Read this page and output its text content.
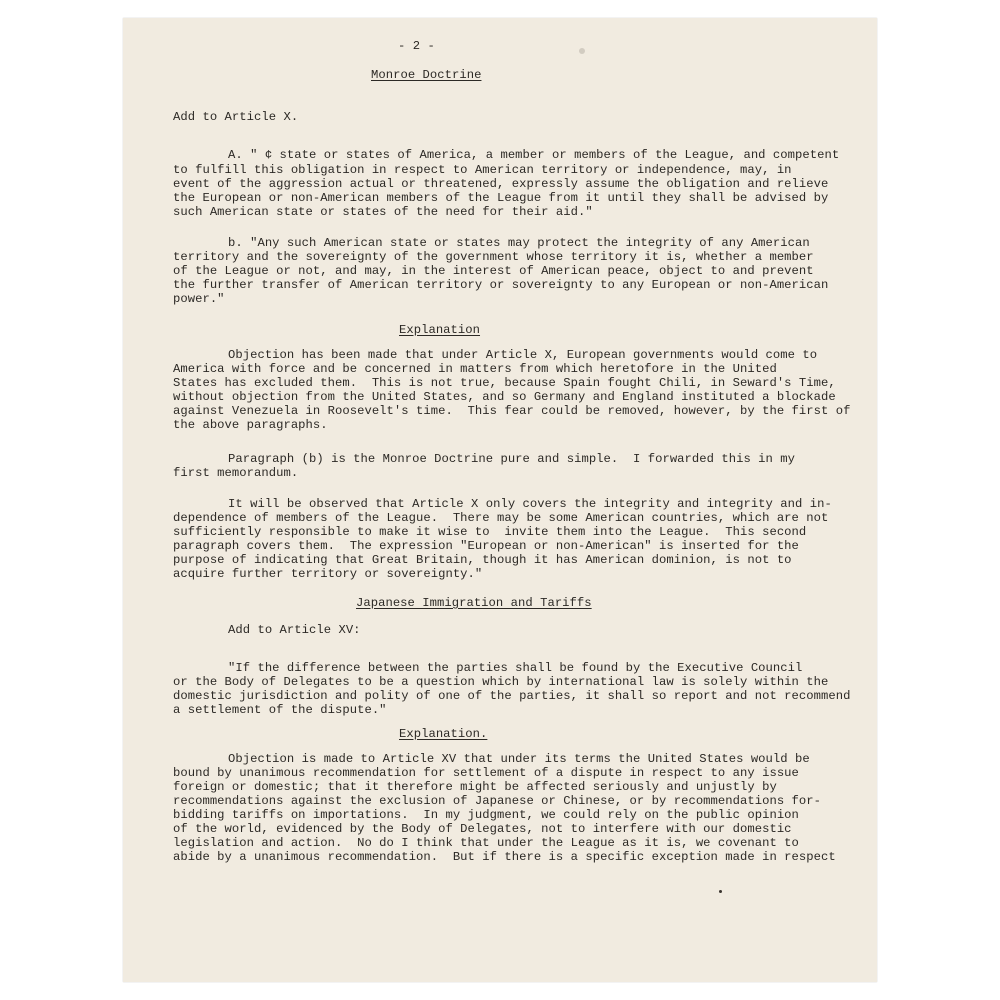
- 2 -

Monroe Doctrine

Add to Article X.

A. " ¢ state or states of America, a member or members of the League, and competent

to fulfill this obligation in respect to American territory or independence, may, in

event of the aggression actual or threatened, expressly assume the obligation and relieve

the European or non-American members of the League from it until they shall be advised by

such American state or states of the need for their aid."

b. "Any such American state or states may protect the integrity of any American

territory and the sovereignty of the government whose territory it is, whether a member

of the League or not, and may, in the interest of American peace, object to and prevent

the further transfer of American territory or sovereignty to any European or non-American

power."

Explanation

Objection has been made that under Article X, European governments would come to

America with force and be concerned in matters from which heretofore in the United

States has excluded them.  This is not true, because Spain fought Chili, in Seward's Time,

without objection from the United States, and so Germany and England instituted a blockade

against Venezuela in Roosevelt's time.  This fear could be removed, however, by the first of

the above paragraphs.

Paragraph (b) is the Monroe Doctrine pure and simple.  I forwarded this in my

first memorandum.

It will be observed that Article X only covers the integrity and integrity and in-

dependence of members of the League.  There may be some American countries, which are not

sufficiently responsible to make it wise to  invite them into the League.  This second

paragraph covers them.  The expression "European or non-American" is inserted for the

purpose of indicating that Great Britain, though it has American dominion, is not to

acquire further territory or sovereignty."

Japanese Immigration and Tariffs

Add to Article XV:

"If the difference between the parties shall be found by the Executive Council

or the Body of Delegates to be a question which by international law is solely within the

domestic jurisdiction and polity of one of the parties, it shall so report and not recommend

a settlement of the dispute."

Explanation.

Objection is made to Article XV that under its terms the United States would be

bound by unanimous recommendation for settlement of a dispute in respect to any issue

foreign or domestic; that it therefore might be affected seriously and unjustly by

recommendations against the exclusion of Japanese or Chinese, or by recommendations for-

bidding tariffs on importations.  In my judgment, we could rely on the public opinion

of the world, evidenced by the Body of Delegates, not to interfere with our domestic

legislation and action.  No do I think that under the League as it is, we covenant to

abide by a unanimous recommendation.  But if there is a specific exception made in respect
